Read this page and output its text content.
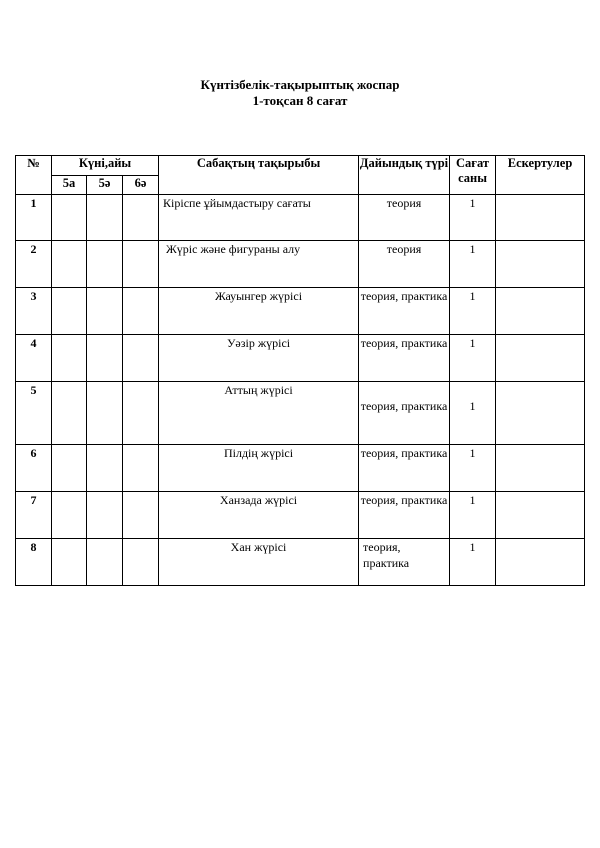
Күнтізбелік-тақырыптық жоспар
1-тоқсан 8 сағат
№	Күні,айы			Сабақтың тақырыбы	Дайындық түрі	Сағат саны	Ескертулер
	5а	5ә	6ә				
1				Кіріспе ұйымдастыру сағаты	теория	1	
2				Жүріс және фигураны алу	теория	1	
3				Жауынгер жүрісі	теория, практика	1	
4				Уәзір жүрісі	теория, практика	1	
5				Аттың жүрісі	теория, практика	1	
6				Пілдің жүрісі	теория, практика	1	
7				Ханзада жүрісі	теория, практика	1	
8				Хан жүрісі	теория, практика	1	
